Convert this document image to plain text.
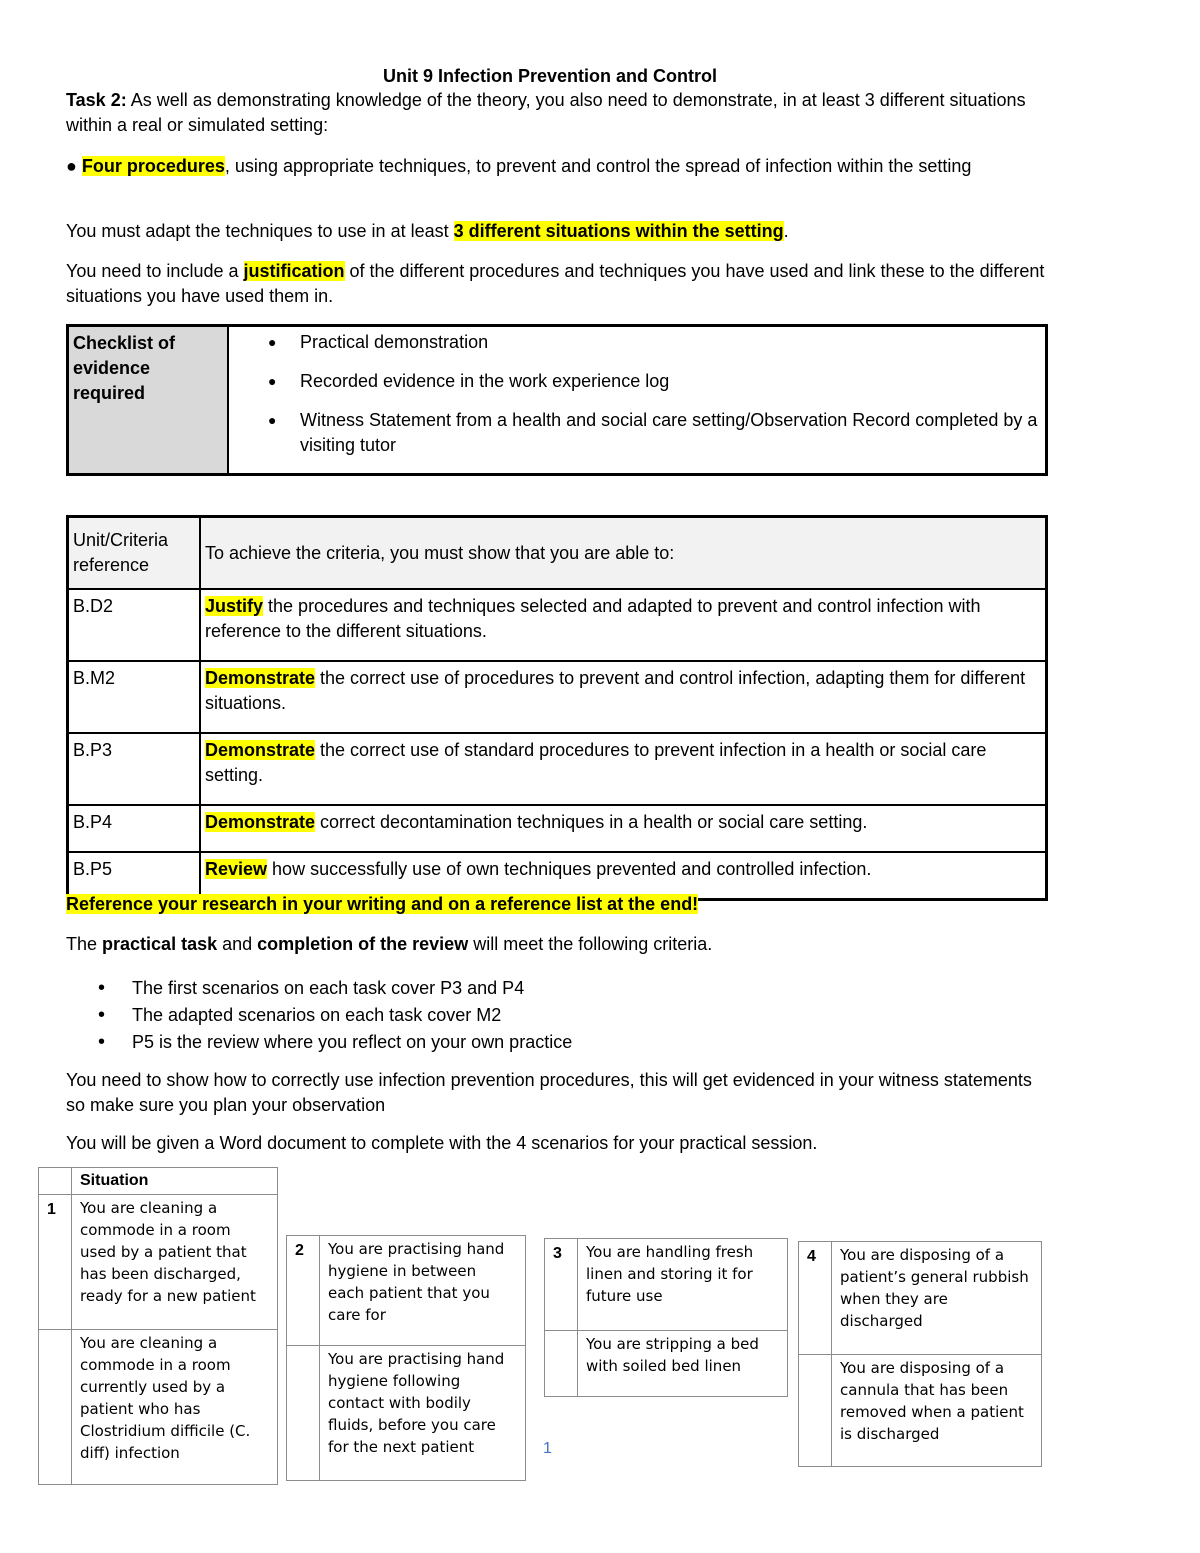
Unit 9 Infection Prevention and Control

Task 2: As well as demonstrating knowledge of the theory, you also need to demonstrate, in at least 3 different situations within a real or simulated setting:

● Four procedures, using appropriate techniques, to prevent and control the spread of infection within the setting

You must adapt the techniques to use in at least 3 different situations within the setting.

You need to include a justification of the different procedures and techniques you have used and link these to the different situations you have used them in.

Checklist of evidence required	
● Practical demonstration
● Recorded evidence in the work experience log
● Witness Statement from a health and social care setting/Observation Record completed by a visiting tutor
Unit/Criteria reference	To achieve the criteria, you must show that you are able to:
B.D2	Justify the procedures and techniques selected and adapted to prevent and control infection with reference to the different situations.
B.M2	Demonstrate the correct use of procedures to prevent and control infection, adapting them for different situations.
B.P3	Demonstrate the correct use of standard procedures to prevent infection in a health or social care setting.
B.P4	Demonstrate correct decontamination techniques in a health or social care setting.
B.P5	Review how successfully use of own techniques prevented and controlled infection.

Reference your research in your writing and on a reference list at the end!

The practical task and completion of the review will meet the following criteria.

• The first scenarios on each task cover P3 and P4
• The adapted scenarios on each task cover M2
• P5 is the review where you reflect on your own practice

You need to show how to correctly use infection prevention procedures, this will get evidenced in your witness statements so make sure you plan your observation

You will be given a Word document to complete with the 4 scenarios for your practical session.

	Situation
1	You are cleaning a commode in a room used by a patient that has been discharged, ready for a new patient
	You are cleaning a commode in a room currently used by a patient who has Clostridium difficile (C. diff) infection
2	You are practising hand hygiene in between each patient that you care for
	You are practising hand hygiene following contact with bodily fluids, before you care for the next patient
3	You are handling fresh linen and storing it for future use
	You are stripping a bed with soiled bed linen
4	You are disposing of a patient’s general rubbish when they are discharged
	You are disposing of a cannula that has been removed when a patient is discharged
1
